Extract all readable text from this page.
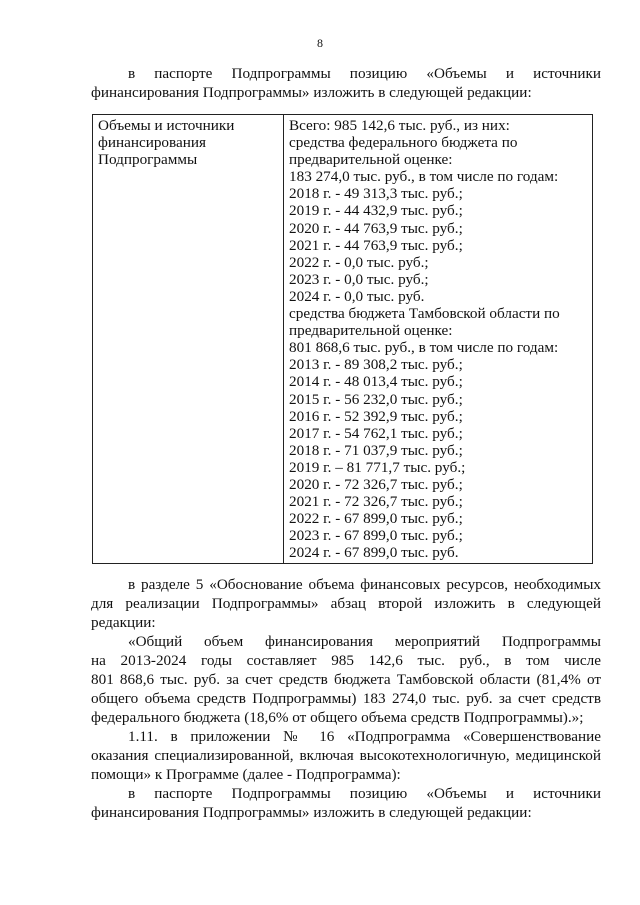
8
в паспорте Подпрограммы позицию «Объемы и источники
финансирования Подпрограммы» изложить в следующей редакции:
Объемы и источники
финансирования
Подпрограммы

Всего: 985 142,6 тыс. руб., из них:
средства федерального бюджета по
предварительной оценке:
183 274,0 тыс. руб., в том числе по годам:
2018 г. - 49 313,3 тыс. руб.;
2019 г. - 44 432,9 тыс. руб.;
2020 г. - 44 763,9 тыс. руб.;
2021 г. - 44 763,9 тыс. руб.;
2022 г. - 0,0 тыс. руб.;
2023 г. - 0,0 тыс. руб.;
2024 г. - 0,0 тыс. руб.
средства бюджета Тамбовской области по
предварительной оценке:
801 868,6 тыс. руб., в том числе по годам:
2013 г. - 89 308,2 тыс. руб.;
2014 г. - 48 013,4 тыс. руб.;
2015 г. - 56 232,0 тыс. руб.;
2016 г. - 52 392,9 тыс. руб.;
2017 г. - 54 762,1 тыс. руб.;
2018 г. - 71 037,9 тыс. руб.;
2019 г. – 81 771,7 тыс. руб.;
2020 г. - 72 326,7 тыс. руб.;
2021 г. - 72 326,7 тыс. руб.;
2022 г. - 67 899,0 тыс. руб.;
2023 г. - 67 899,0 тыс. руб.;
2024 г. - 67 899,0 тыс. руб.
в разделе 5 «Обоснование объема финансовых ресурсов, необходимых
для реализации Подпрограммы» абзац второй изложить в следующей
редакции:
«Общий объем финансирования мероприятий Подпрограммы
на 2013-2024 годы составляет 985 142,6 тыс. руб., в том числе
801 868,6 тыс. руб. за счет средств бюджета Тамбовской области (81,4% от
общего объема средств Подпрограммы) 183 274,0 тыс. руб. за счет средств
федерального бюджета (18,6% от общего объема средств Подпрограммы).»;
1.11. в приложении № 16 «Подпрограмма «Совершенствование
оказания специализированной, включая высокотехнологичную, медицинской
помощи» к Программе (далее - Подпрограмма):
в паспорте Подпрограммы позицию «Объемы и источники
финансирования Подпрограммы» изложить в следующей редакции:
